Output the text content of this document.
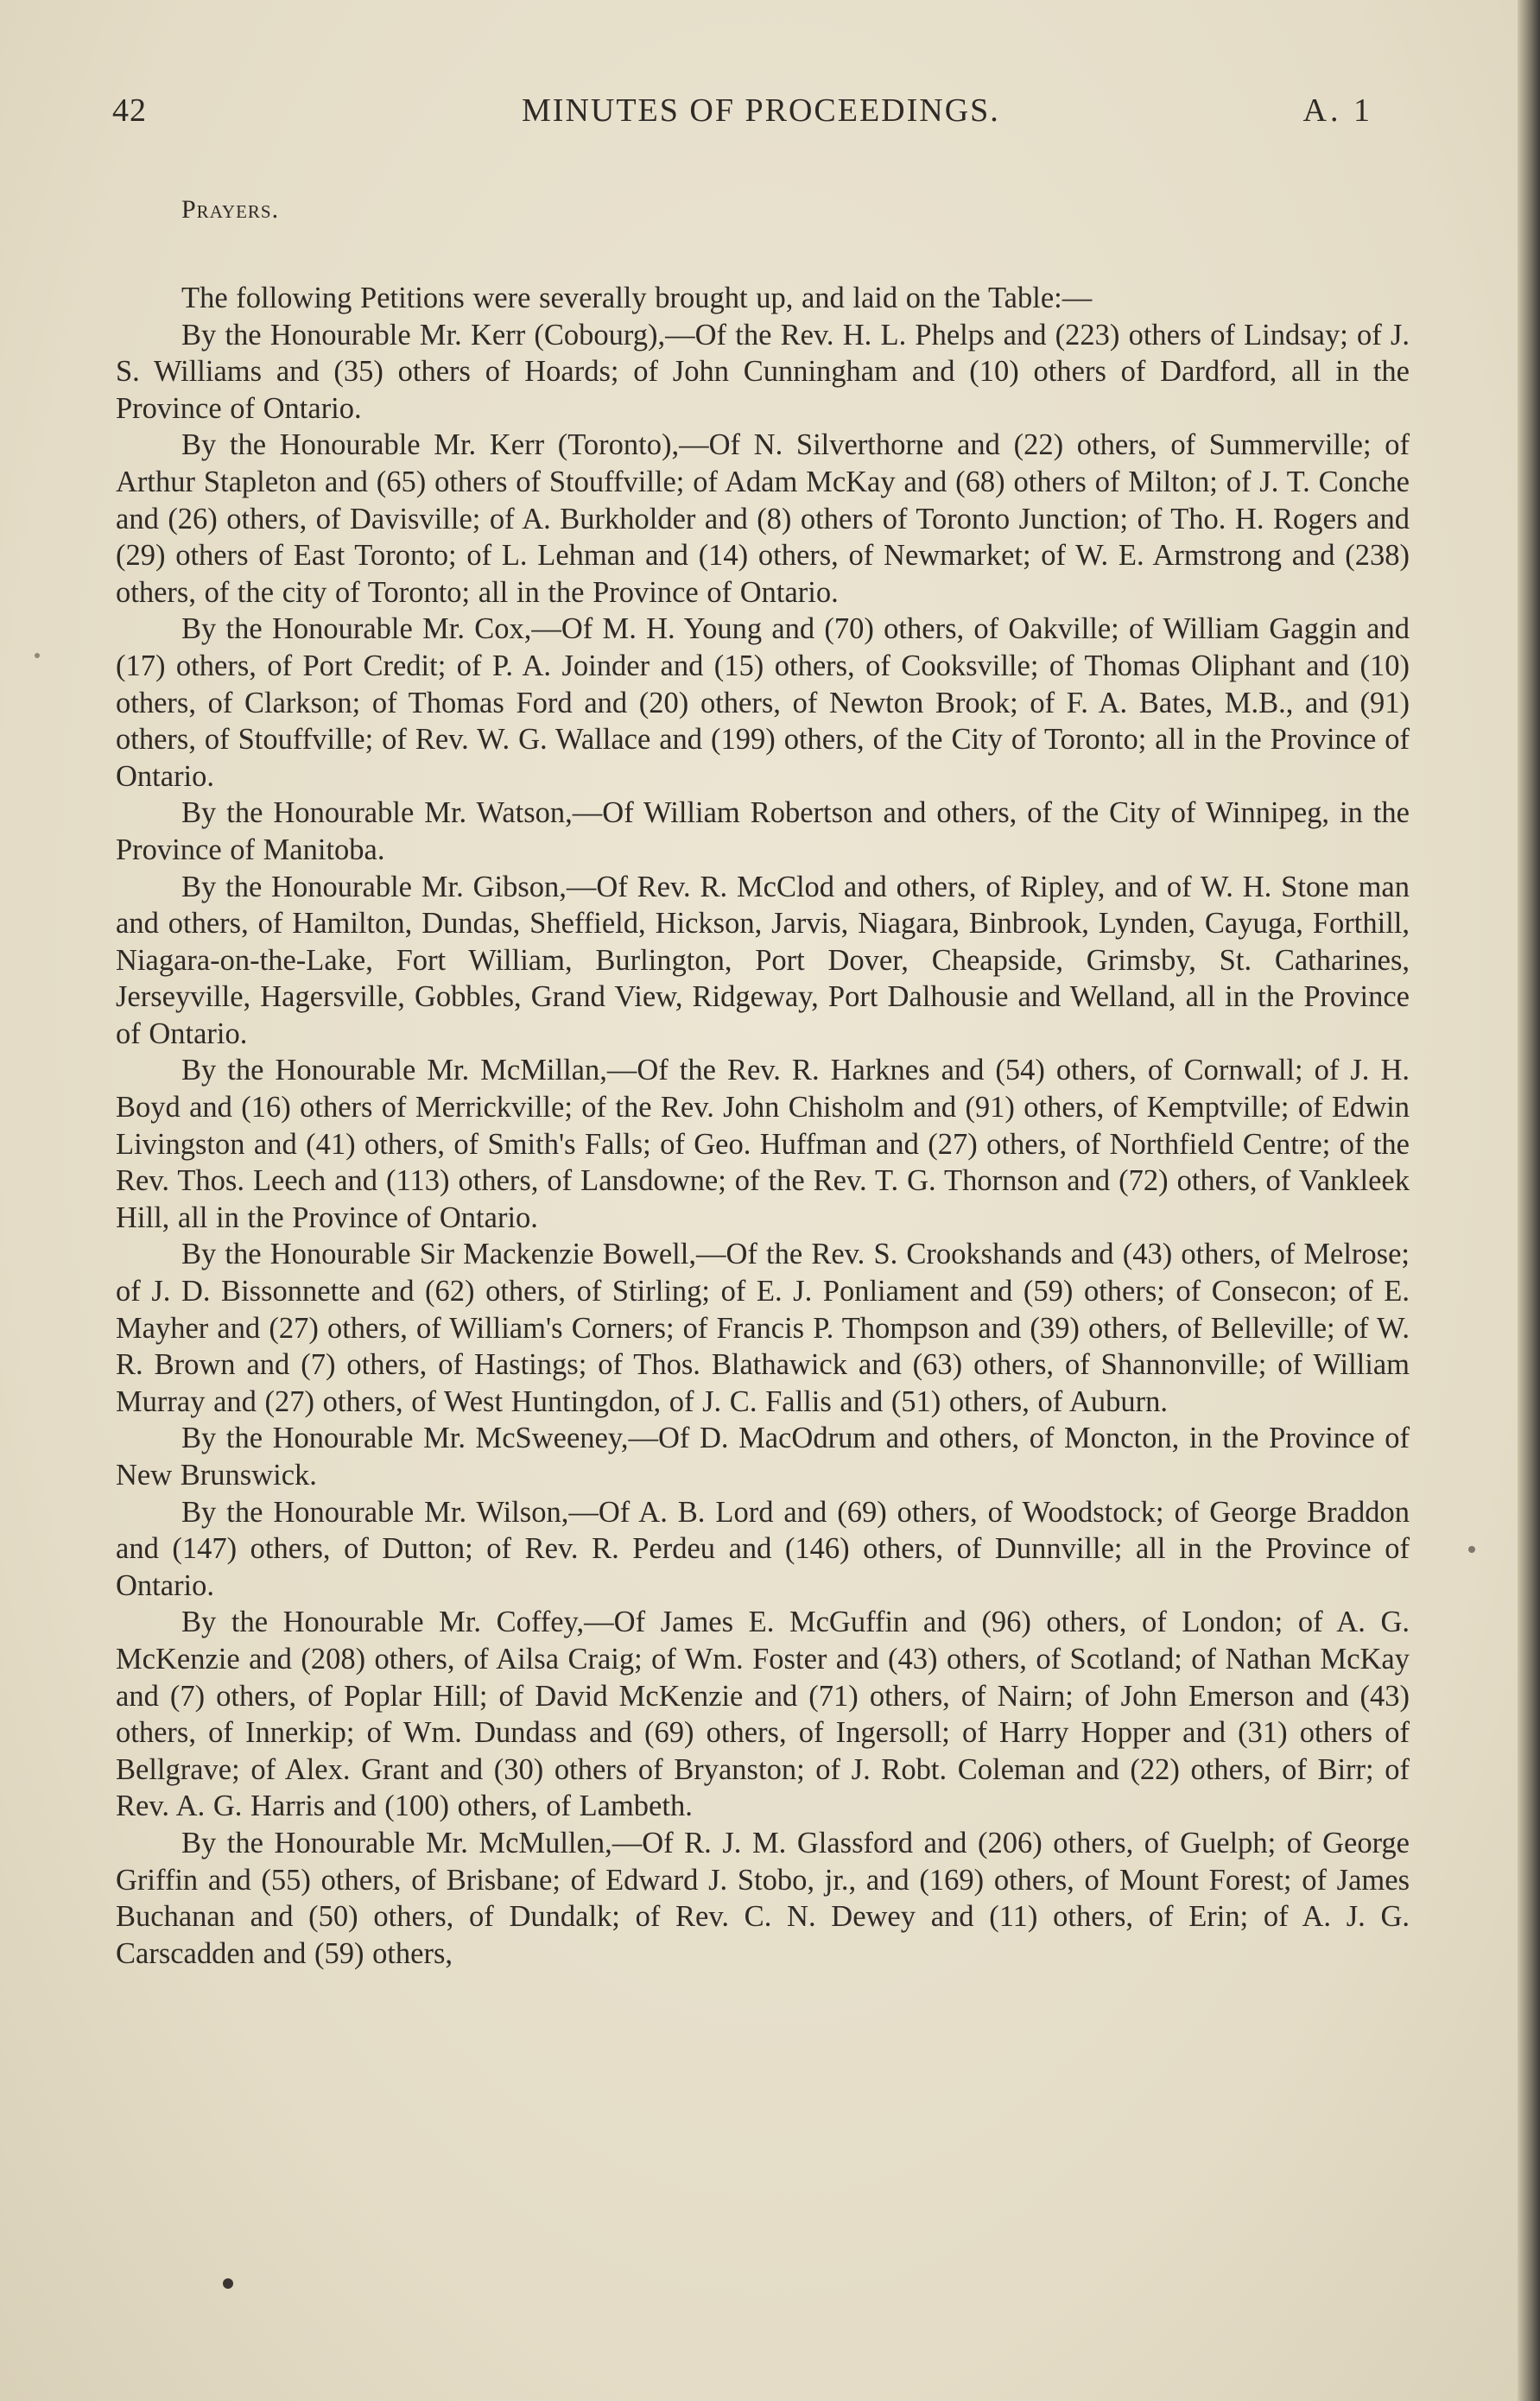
42	MINUTES OF PROCEEDINGS.	A. 1
Prayers.

The following Petitions were severally brought up, and laid on the Table:—

By the Honourable Mr. Kerr (Cobourg),—Of the Rev. H. L. Phelps and (223) others of Lindsay; of J. S. Williams and (35) others of Hoards; of John Cunningham and (10) others of Dardford, all in the Province of Ontario.

By the Honourable Mr. Kerr (Toronto),—Of N. Silverthorne and (22) others, of Summerville; of Arthur Stapleton and (65) others of Stouffville; of Adam McKay and (68) others of Milton; of J. T. Conche and (26) others, of Davisville; of A. Burkholder and (8) others of Toronto Junction; of Tho. H. Rogers and (29) others of East Toronto; of L. Lehman and (14) others, of Newmarket; of W. E. Armstrong and (238) others, of the city of Toronto; all in the Province of Ontario.

By the Honourable Mr. Cox,—Of M. H. Young and (70) others, of Oakville; of William Gaggin and (17) others, of Port Credit; of P. A. Joinder and (15) others, of Cooksville; of Thomas Oliphant and (10) others, of Clarkson; of Thomas Ford and (20) others, of Newton Brook; of F. A. Bates, M.B., and (91) others, of Stouffville; of Rev. W. G. Wallace and (199) others, of the City of Toronto; all in the Province of Ontario.

By the Honourable Mr. Watson,—Of William Robertson and others, of the City of Winnipeg, in the Province of Manitoba.

By the Honourable Mr. Gibson,—Of Rev. R. McClod and others, of Ripley, and of W. H. Stone man and others, of Hamilton, Dundas, Sheffield, Hickson, Jarvis, Niagara, Binbrook, Lynden, Cayuga, Forthill, Niagara-on-the-Lake, Fort William, Burlington, Port Dover, Cheapside, Grimsby, St. Catharines, Jerseyville, Hagersville, Gobbles, Grand View, Ridgeway, Port Dalhousie and Welland, all in the Province of Ontario.

By the Honourable Mr. McMillan,—Of the Rev. R. Harknes and (54) others, of Cornwall; of J. H. Boyd and (16) others of Merrickville; of the Rev. John Chisholm and (91) others, of Kemptville; of Edwin Livingston and (41) others, of Smith's Falls; of Geo. Huffman and (27) others, of Northfield Centre; of the Rev. Thos. Leech and (113) others, of Lansdowne; of the Rev. T. G. Thornson and (72) others, of Vankleek Hill, all in the Province of Ontario.

By the Honourable Sir Mackenzie Bowell,—Of the Rev. S. Crookshands and (43) others, of Melrose; of J. D. Bissonnette and (62) others, of Stirling; of E. J. Ponliament and (59) others; of Consecon; of E. Mayher and (27) others, of William's Corners; of Francis P. Thompson and (39) others, of Belleville; of W. R. Brown and (7) others, of Hastings; of Thos. Blathawick and (63) others, of Shannonville; of William Murray and (27) others, of West Huntingdon, of J. C. Fallis and (51) others, of Auburn.

By the Honourable Mr. McSweeney,—Of D. MacOdrum and others, of Moncton, in the Province of New Brunswick.

By the Honourable Mr. Wilson,—Of A. B. Lord and (69) others, of Woodstock; of George Braddon and (147) others, of Dutton; of Rev. R. Perdeu and (146) others, of Dunnville; all in the Province of Ontario.

By the Honourable Mr. Coffey,—Of James E. McGuffin and (96) others, of London; of A. G. McKenzie and (208) others, of Ailsa Craig; of Wm. Foster and (43) others, of Scotland; of Nathan McKay and (7) others, of Poplar Hill; of David McKenzie and (71) others, of Nairn; of John Emerson and (43) others, of Innerkip; of Wm. Dundass and (69) others, of Ingersoll; of Harry Hopper and (31) others of Bellgrave; of Alex. Grant and (30) others of Bryanston; of J. Robt. Coleman and (22) others, of Birr; of Rev. A. G. Harris and (100) others, of Lambeth.

By the Honourable Mr. McMullen,—Of R. J. M. Glassford and (206) others, of Guelph; of George Griffin and (55) others, of Brisbane; of Edward J. Stobo, jr., and (169) others, of Mount Forest; of James Buchanan and (50) others, of Dundalk; of Rev. C. N. Dewey and (11) others, of Erin; of A. J. G. Carscadden and (59) others,
